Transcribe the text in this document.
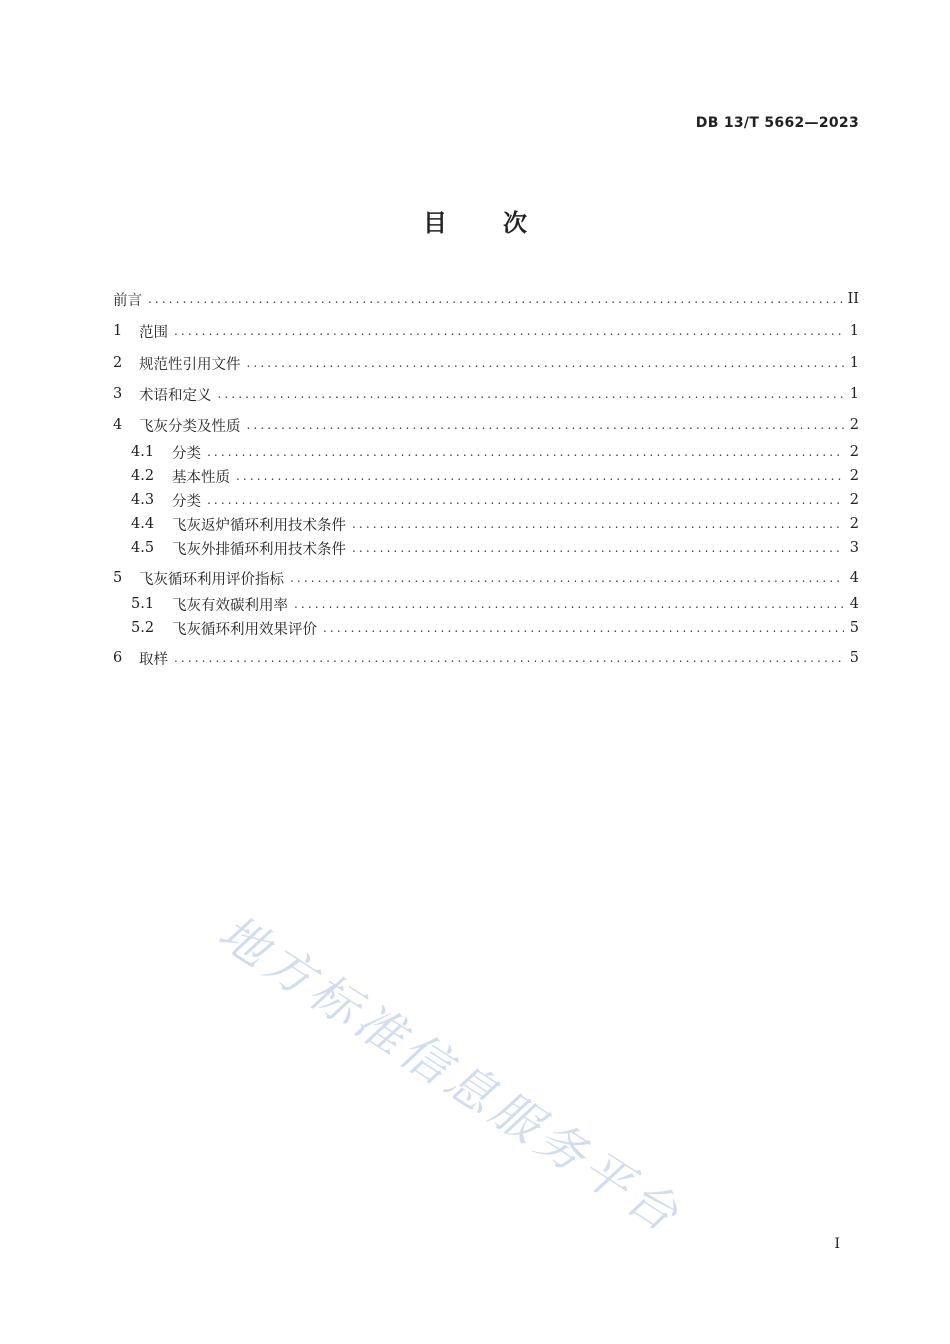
DB 13/T 5662—2023
目 次
前言 .....	II
1	范围 .....	1
2	规范性引用文件 .....	1
3	术语和定义 .....	1
4	飞灰分类及性质 .....	2
4.1	分类 .....	2
4.2	基本性质 .....	2
4.3	分类 .....	2
4.4	飞灰返炉循环利用技术条件 .....	2
4.5	飞灰外排循环利用技术条件 .....	3
5	飞灰循环利用评价指标 .....	4
5.1	飞灰有效碳利用率 .....	4
5.2	飞灰循环利用效果评价 .....	5
6	取样 .....	5
地方标准信息服务平台	I
